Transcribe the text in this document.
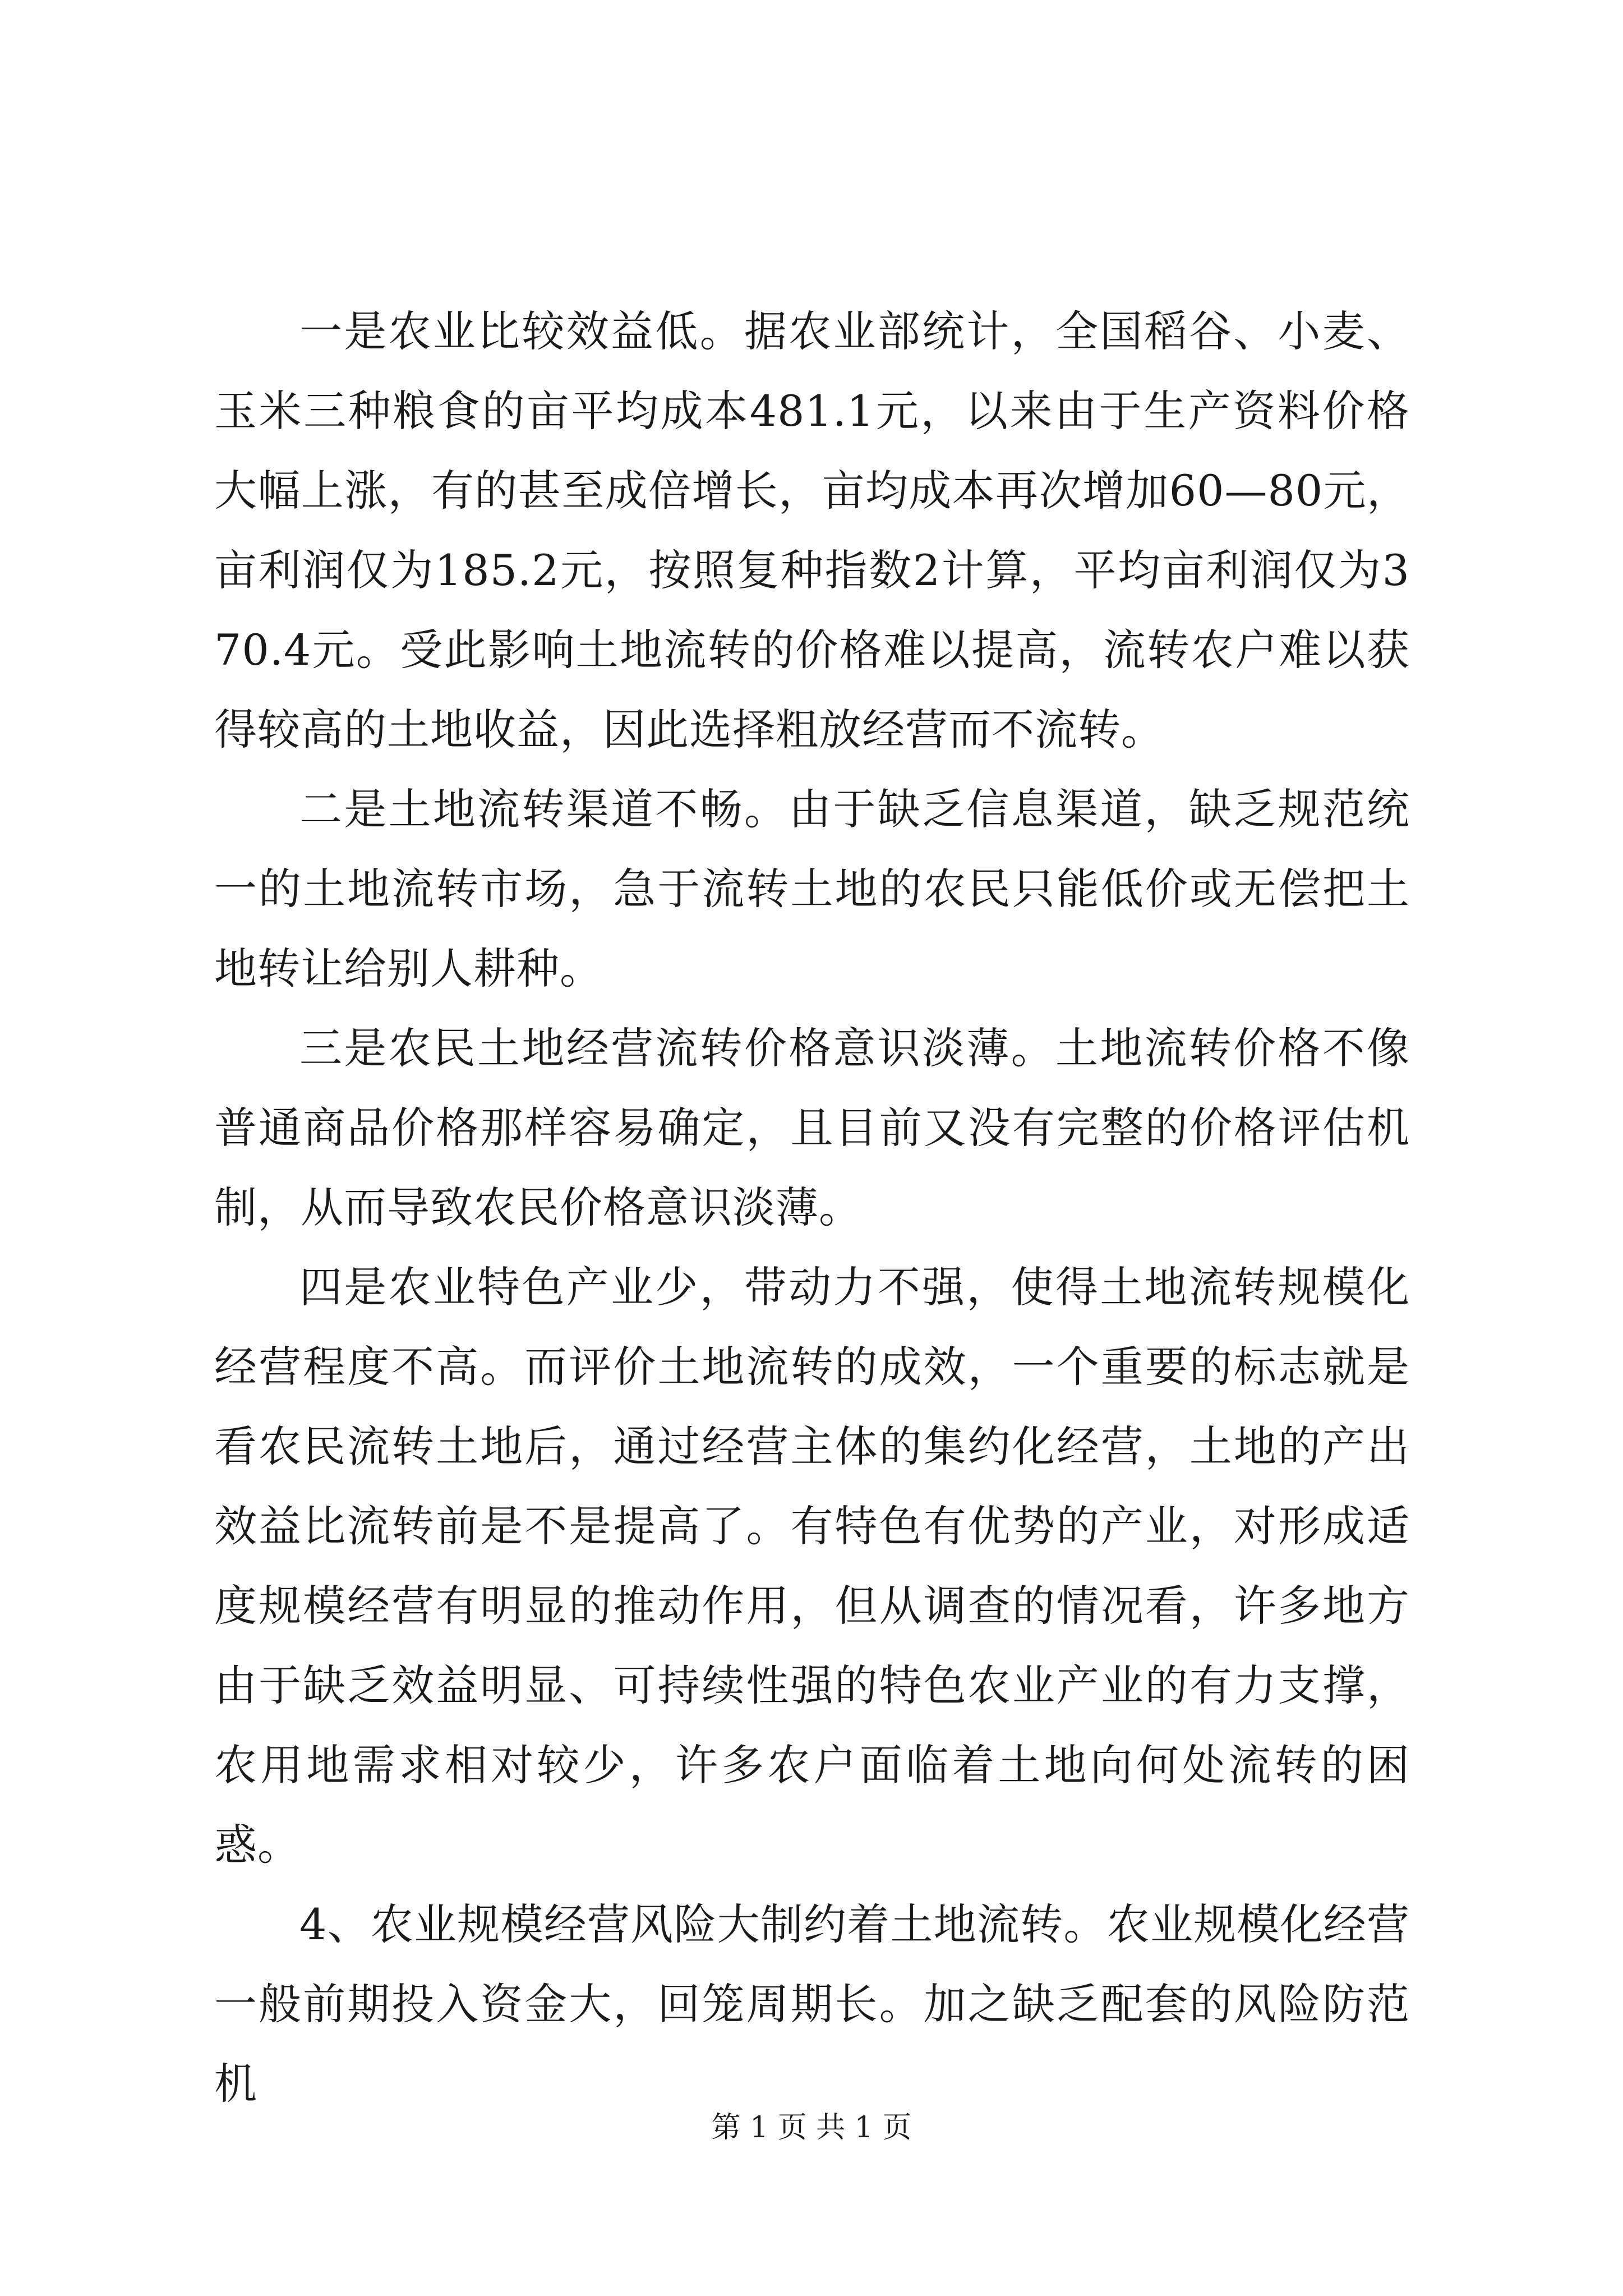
一是农业比较效益低。据农业部统计，全国稻谷、小麦、玉米三种粮食的亩平均成本481.1元，以来由于生产资料价格大幅上涨，有的甚至成倍增长，亩均成本再次增加60—80元，亩利润仅为185.2元，按照复种指数2计算，平均亩利润仅为370.4元。受此影响土地流转的价格难以提高，流转农户难以获得较高的土地收益，因此选择粗放经营而不流转。

二是土地流转渠道不畅。由于缺乏信息渠道，缺乏规范统一的土地流转市场，急于流转土地的农民只能低价或无偿把土地转让给别人耕种。

三是农民土地经营流转价格意识淡薄。土地流转价格不像普通商品价格那样容易确定，且目前又没有完整的价格评估机制，从而导致农民价格意识淡薄。

四是农业特色产业少，带动力不强，使得土地流转规模化经营程度不高。而评价土地流转的成效，一个重要的标志就是看农民流转土地后，通过经营主体的集约化经营，土地的产出效益比流转前是不是提高了。有特色有优势的产业，对形成适度规模经营有明显的推动作用，但从调查的情况看，许多地方由于缺乏效益明显、可持续性强的特色农业产业的有力支撑，农用地需求相对较少，许多农户面临着土地向何处流转的困惑。

4、农业规模经营风险大制约着土地流转。农业规模化经营一般前期投入资金大，回笼周期长。加之缺乏配套的风险防范机

第 1 页 共 1 页
